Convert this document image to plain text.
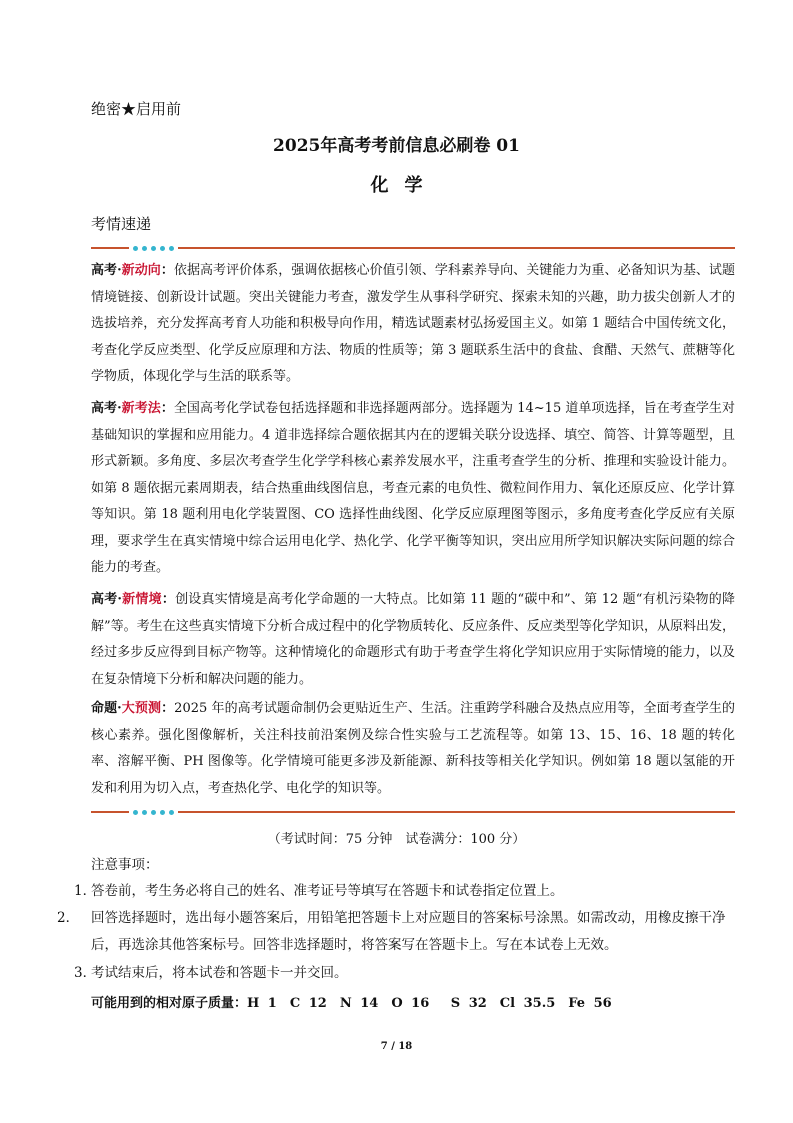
绝密★启用前
2025年高考考前信息必刷卷 01
化学
考情速递
高考·新动向：依据高考评价体系，强调依据核心价值引领、学科素养导向、关键能力为重、必备知识为基、试题情境链接、创新设计试题。突出关键能力考查，激发学生从事科学研究、探索未知的兴趣，助力拔尖创新人才的选拔培养，充分发挥高考育人功能和积极导向作用，精选试题素材弘扬爱国主义。如第 1 题结合中国传统文化，考查化学反应类型、化学反应原理和方法、物质的性质等；第 3 题联系生活中的食盐、食醋、天然气、蔗糖等化学物质，体现化学与生活的联系等。
高考·新考法：全国高考化学试卷包括选择题和非选择题两部分。选择题为 14~15 道单项选择，旨在考查学生对基础知识的掌握和应用能力。4 道非选择综合题依据其内在的逻辑关联分设选择、填空、简答、计算等题型，且形式新颖。多角度、多层次考查学生化学学科核心素养发展水平，注重考查学生的分析、推理和实验设计能力。如第 8 题依据元素周期表，结合热重曲线图信息，考查元素的电负性、微粒间作用力、氧化还原反应、化学计算等知识。第 18 题利用电化学装置图、CO 选择性曲线图、化学反应原理图等图示，多角度考查化学反应有关原理，要求学生在真实情境中综合运用电化学、热化学、化学平衡等知识，突出应用所学知识解决实际问题的综合能力的考查。
高考·新情境：创设真实情境是高考化学命题的一大特点。比如第 11 题的“碳中和”、第 12 题“有机污染物的降解”等。考生在这些真实情境下分析合成过程中的化学物质转化、反应条件、反应类型等化学知识，从原料出发，经过多步反应得到目标产物等。这种情境化的命题形式有助于考查学生将化学知识应用于实际情境的能力，以及在复杂情境下分析和解决问题的能力。
命题·大预测：2025 年的高考试题命制仍会更贴近生产、生活。注重跨学科融合及热点应用等，全面考查学生的核心素养。强化图像解析，关注科技前沿案例及综合性实验与工艺流程等。如第 13、15、16、18 题的转化率、溶解平衡、PH 图像等。化学情境可能更多涉及新能源、新科技等相关化学知识。例如第 18 题以氢能的开发和利用为切入点，考查热化学、电化学的知识等。
（考试时间：75 分钟　试卷满分：100 分）
注意事项：
1．答卷前，考生务必将自己的姓名、准考证号等填写在答题卡和试卷指定位置上。
2． 回答选择题时，选出每小题答案后，用铅笔把答题卡上对应题目的答案标号涂黑。如需改动，用橡皮擦干净后，再选涂其他答案标号。回答非选择题时，将答案写在答题卡上。写在本试卷上无效。
3．考试结束后，将本试卷和答题卡一并交回。
可能用到的相对原子质量：H 1　C 12　N 14　O 16　 S 32　Cl 35.5　Fe 56
7 / 18
